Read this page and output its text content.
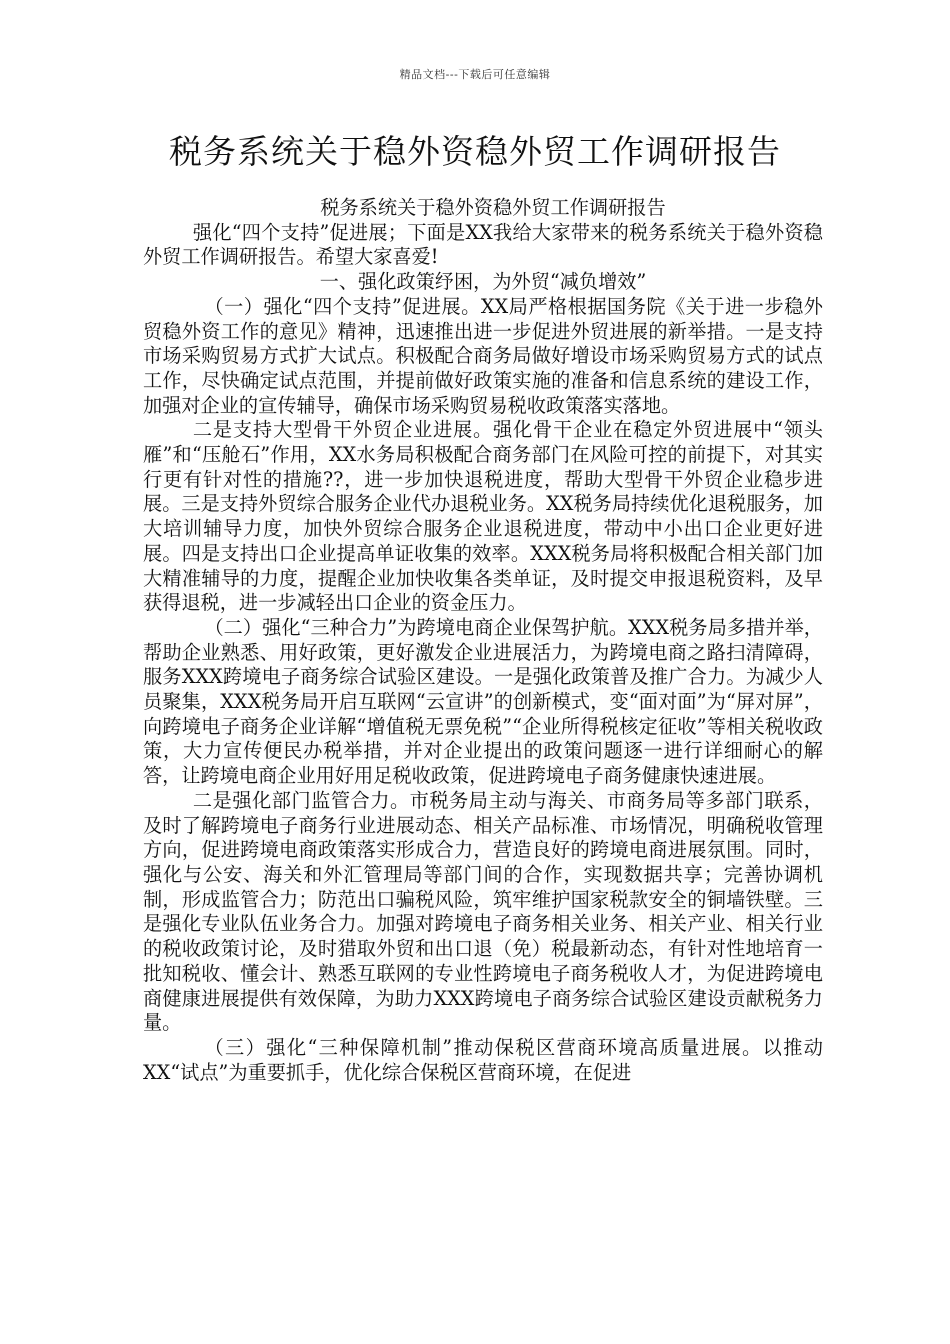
精品文档---下载后可任意编辑
税务系统关于稳外资稳外贸工作调研报告

税务系统关于稳外资稳外贸工作调研报告

强化“四个支持”促进展；下面是XX我给大家带来的税务系统关于稳外资稳外贸工作调研报告。希望大家喜爱!

一、强化政策纾困，为外贸“减负增效”

（一）强化“四个支持”促进展。XX局严格根据国务院《关于进一步稳外贸稳外资工作的意见》精神，迅速推出进一步促进外贸进展的新举措。一是支持市场采购贸易方式扩大试点。积极配合商务局做好增设市场采购贸易方式的试点工作，尽快确定试点范围，并提前做好政策实施的准备和信息系统的建设工作，加强对企业的宣传辅导，确保市场采购贸易税收政策落实落地。

二是支持大型骨干外贸企业进展。强化骨干企业在稳定外贸进展中“领头雁”和“压舱石”作用，XX水务局积极配合商务部门在风险可控的前提下，对其实行更有针对性的措施??，进一步加快退税进度，帮助大型骨干外贸企业稳步进展。三是支持外贸综合服务企业代办退税业务。XX税务局持续优化退税服务，加大培训辅导力度，加快外贸综合服务企业退税进度，带动中小出口企业更好进展。四是支持出口企业提高单证收集的效率。XXX税务局将积极配合相关部门加大精准辅导的力度，提醒企业加快收集各类单证，及时提交申报退税资料，及早获得退税，进一步减轻出口企业的资金压力。

（二）强化“三种合力”为跨境电商企业保驾护航。XXX税务局多措并举，帮助企业熟悉、用好政策，更好激发企业进展活力，为跨境电商之路扫清障碍，服务XXX跨境电子商务综合试验区建设。一是强化政策普及推广合力。为减少人员聚集，XXX税务局开启互联网“云宣讲”的创新模式，变“面对面”为“屏对屏”，向跨境电子商务企业详解“增值税无票免税”“企业所得税核定征收”等相关税收政策，大力宣传便民办税举措，并对企业提出的政策问题逐一进行详细耐心的解答，让跨境电商企业用好用足税收政策，促进跨境电子商务健康快速进展。

二是强化部门监管合力。市税务局主动与海关、市商务局等多部门联系，及时了解跨境电子商务行业进展动态、相关产品标准、市场情况，明确税收管理方向，促进跨境电商政策落实形成合力，营造良好的跨境电商进展氛围。同时，强化与公安、海关和外汇管理局等部门间的合作，实现数据共享；完善协调机制，形成监管合力；防范出口骗税风险，筑牢维护国家税款安全的铜墙铁壁。三是强化专业队伍业务合力。加强对跨境电子商务相关业务、相关产业、相关行业的税收政策讨论，及时猎取外贸和出口退（免）税最新动态，有针对性地培育一批知税收、懂会计、熟悉互联网的专业性跨境电子商务税收人才，为促进跨境电商健康进展提供有效保障，为助力XXX跨境电子商务综合试验区建设贡献税务力量。

（三）强化“三种保障机制”推动保税区营商环境高质量进展。以推动XX“试点”为重要抓手，优化综合保税区营商环境，在促进
